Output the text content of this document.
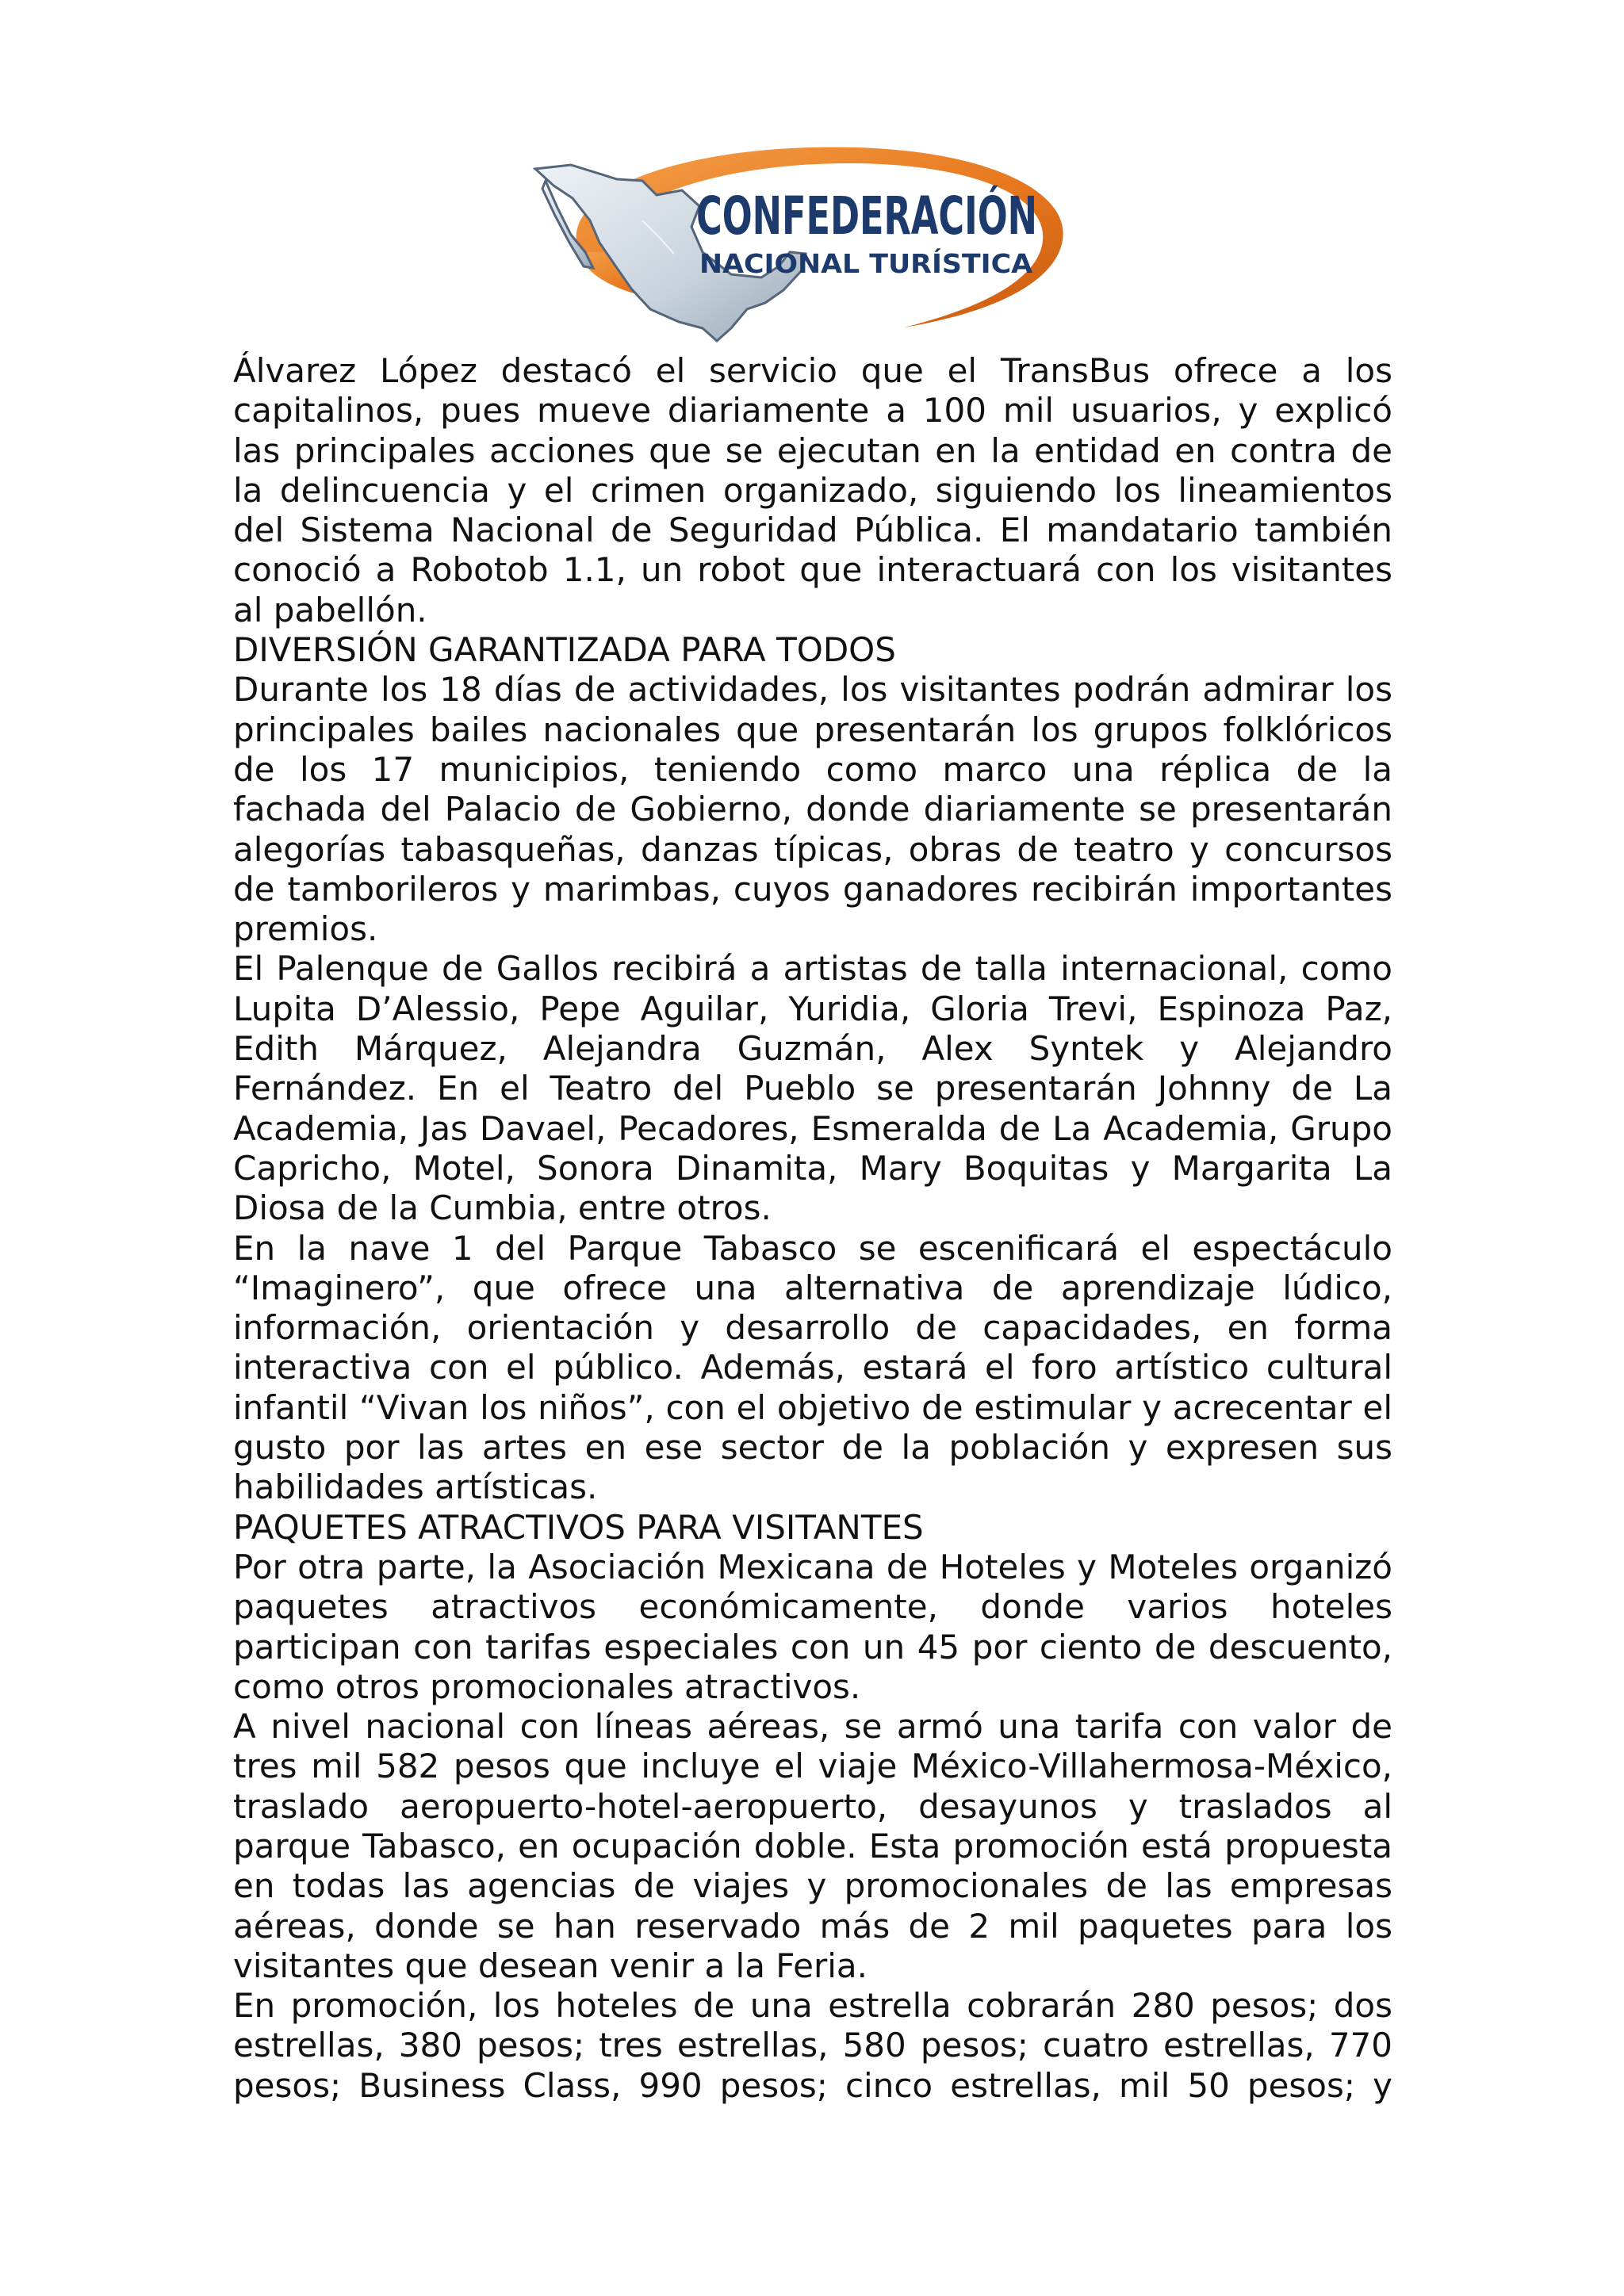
CONFEDERACIÓN
NACIONAL TURÍSTICA

Álvarez López destacó el servicio que el TransBus ofrece a los capitalinos, pues mueve diariamente a 100 mil usuarios, y explicó las principales acciones que se ejecutan en la entidad en contra de la delincuencia y el crimen organizado, siguiendo los lineamientos del Sistema Nacional de Seguridad Pública. El mandatario también conoció a Robotob 1.1, un robot que interactuará con los visitantes al pabellón.

DIVERSIÓN GARANTIZADA PARA TODOS

Durante los 18 días de actividades, los visitantes podrán admirar los principales bailes nacionales que presentarán los grupos folklóricos de los 17 municipios, teniendo como marco una réplica de la fachada del Palacio de Gobierno, donde diariamente se presentarán alegorías tabasqueñas, danzas típicas, obras de teatro y concursos de tamborileros y marimbas, cuyos ganadores recibirán importantes premios.

El Palenque de Gallos recibirá a artistas de talla internacional, como Lupita D’Alessio, Pepe Aguilar, Yuridia, Gloria Trevi, Espinoza Paz, Edith Márquez, Alejandra Guzmán, Alex Syntek y Alejandro Fernández. En el Teatro del Pueblo se presentarán Johnny de La Academia, Jas Davael, Pecadores, Esmeralda de La Academia, Grupo Capricho, Motel, Sonora Dinamita, Mary Boquitas y Margarita La Diosa de la Cumbia, entre otros.

En la nave 1 del Parque Tabasco se escenificará el espectáculo “Imaginero”, que ofrece una alternativa de aprendizaje lúdico, información, orientación y desarrollo de capacidades, en forma interactiva con el público. Además, estará el foro artístico cultural infantil “Vivan los niños”, con el objetivo de estimular y acrecentar el gusto por las artes en ese sector de la población y expresen sus habilidades artísticas.

PAQUETES ATRACTIVOS PARA VISITANTES

Por otra parte, la Asociación Mexicana de Hoteles y Moteles organizó paquetes atractivos económicamente, donde varios hoteles participan con tarifas especiales con un 45 por ciento de descuento, como otros promocionales atractivos.

A nivel nacional con líneas aéreas, se armó una tarifa con valor de tres mil 582 pesos que incluye el viaje México-Villahermosa-México, traslado aeropuerto-hotel-aeropuerto, desayunos y traslados al parque Tabasco, en ocupación doble. Esta promoción está propuesta en todas las agencias de viajes y promocionales de las empresas aéreas, donde se han reservado más de 2 mil paquetes para los visitantes que desean venir a la Feria.

En promoción, los hoteles de una estrella cobrarán 280 pesos; dos estrellas, 380 pesos; tres estrellas, 580 pesos; cuatro estrellas, 770 pesos; Business Class, 990 pesos; cinco estrellas, mil 50 pesos; y
